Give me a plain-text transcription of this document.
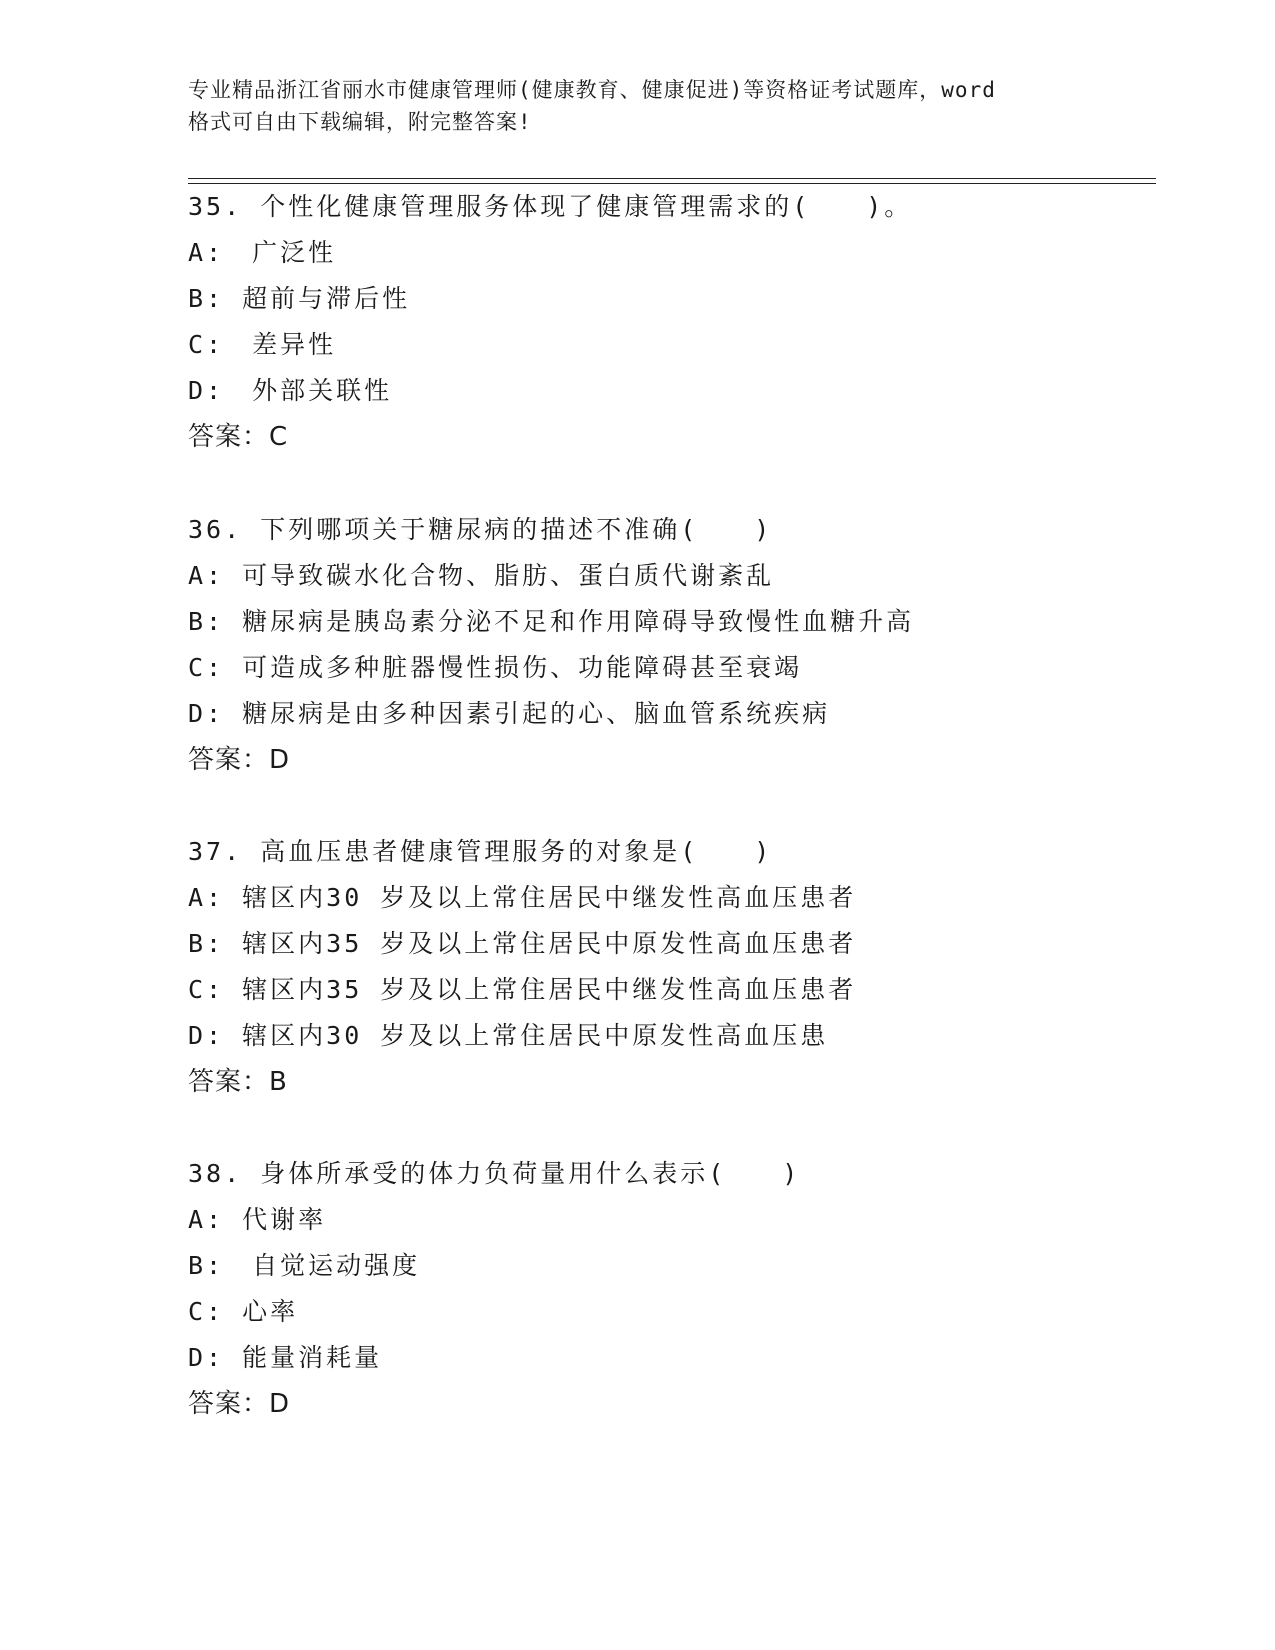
专业精品浙江省丽水市健康管理师(健康教育、健康促进)等资格证考试题库，word
格式可自由下载编辑，附完整答案!
35. 个性化健康管理服务体现了健康管理需求的(　　)。
A:　广泛性
B: 超前与滞后性
C:　差异性
D:　外部关联性
答案：C
36. 下列哪项关于糖尿病的描述不准确(　　)
A: 可导致碳水化合物、脂肪、蛋白质代谢紊乱
B: 糖尿病是胰岛素分泌不足和作用障碍导致慢性血糖升高
C: 可造成多种脏器慢性损伤、功能障碍甚至衰竭
D: 糖尿病是由多种因素引起的心、脑血管系统疾病
答案：D
37. 高血压患者健康管理服务的对象是(　　)
A: 辖区内30 岁及以上常住居民中继发性高血压患者
B: 辖区内35 岁及以上常住居民中原发性高血压患者
C: 辖区内35 岁及以上常住居民中继发性高血压患者
D: 辖区内30 岁及以上常住居民中原发性高血压患
答案：B
38. 身体所承受的体力负荷量用什么表示(　　)
A: 代谢率
B:　自觉运动强度
C: 心率
D: 能量消耗量
答案：D
